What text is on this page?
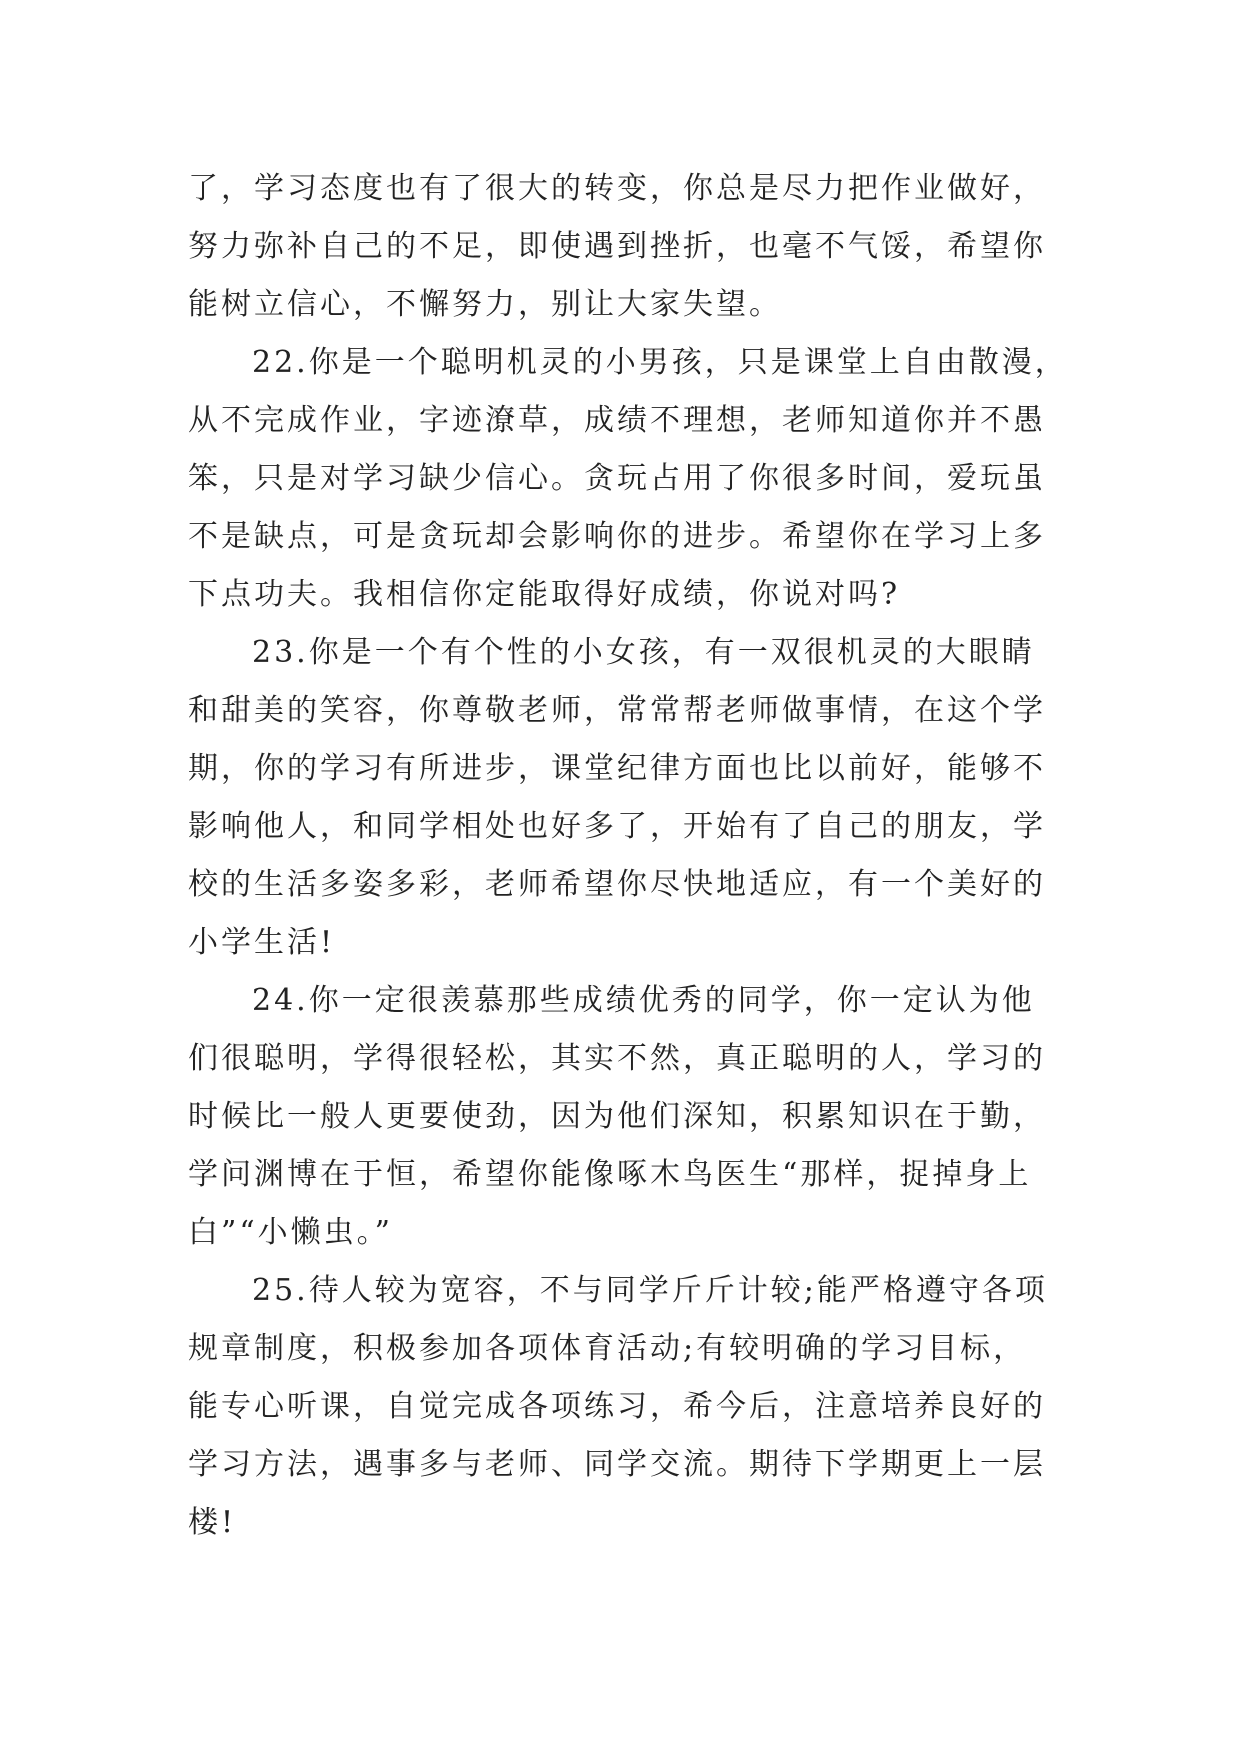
了，学习态度也有了很大的转变，你总是尽力把作业做好，
努力弥补自己的不足，即使遇到挫折，也毫不气馁，希望你
能树立信心，不懈努力，别让大家失望。

22.你是一个聪明机灵的小男孩，只是课堂上自由散漫，
从不完成作业，字迹潦草，成绩不理想，老师知道你并不愚
笨，只是对学习缺少信心。贪玩占用了你很多时间，爱玩虽
不是缺点，可是贪玩却会影响你的进步。希望你在学习上多
下点功夫。我相信你定能取得好成绩，你说对吗?

23.你是一个有个性的小女孩，有一双很机灵的大眼睛
和甜美的笑容，你尊敬老师，常常帮老师做事情，在这个学
期，你的学习有所进步，课堂纪律方面也比以前好，能够不
影响他人，和同学相处也好多了，开始有了自己的朋友，学
校的生活多姿多彩，老师希望你尽快地适应，有一个美好的
小学生活!

24.你一定很羡慕那些成绩优秀的同学，你一定认为他
们很聪明，学得很轻松，其实不然，真正聪明的人，学习的
时候比一般人更要使劲，因为他们深知，积累知识在于勤，
学问渊博在于恒，希望你能像啄木鸟医生“那样，捉掉身上
白”“小懒虫。”

25.待人较为宽容，不与同学斤斤计较;能严格遵守各项
规章制度，积极参加各项体育活动;有较明确的学习目标，
能专心听课，自觉完成各项练习，希今后，注意培养良好的
学习方法，遇事多与老师、同学交流。期待下学期更上一层
楼!
